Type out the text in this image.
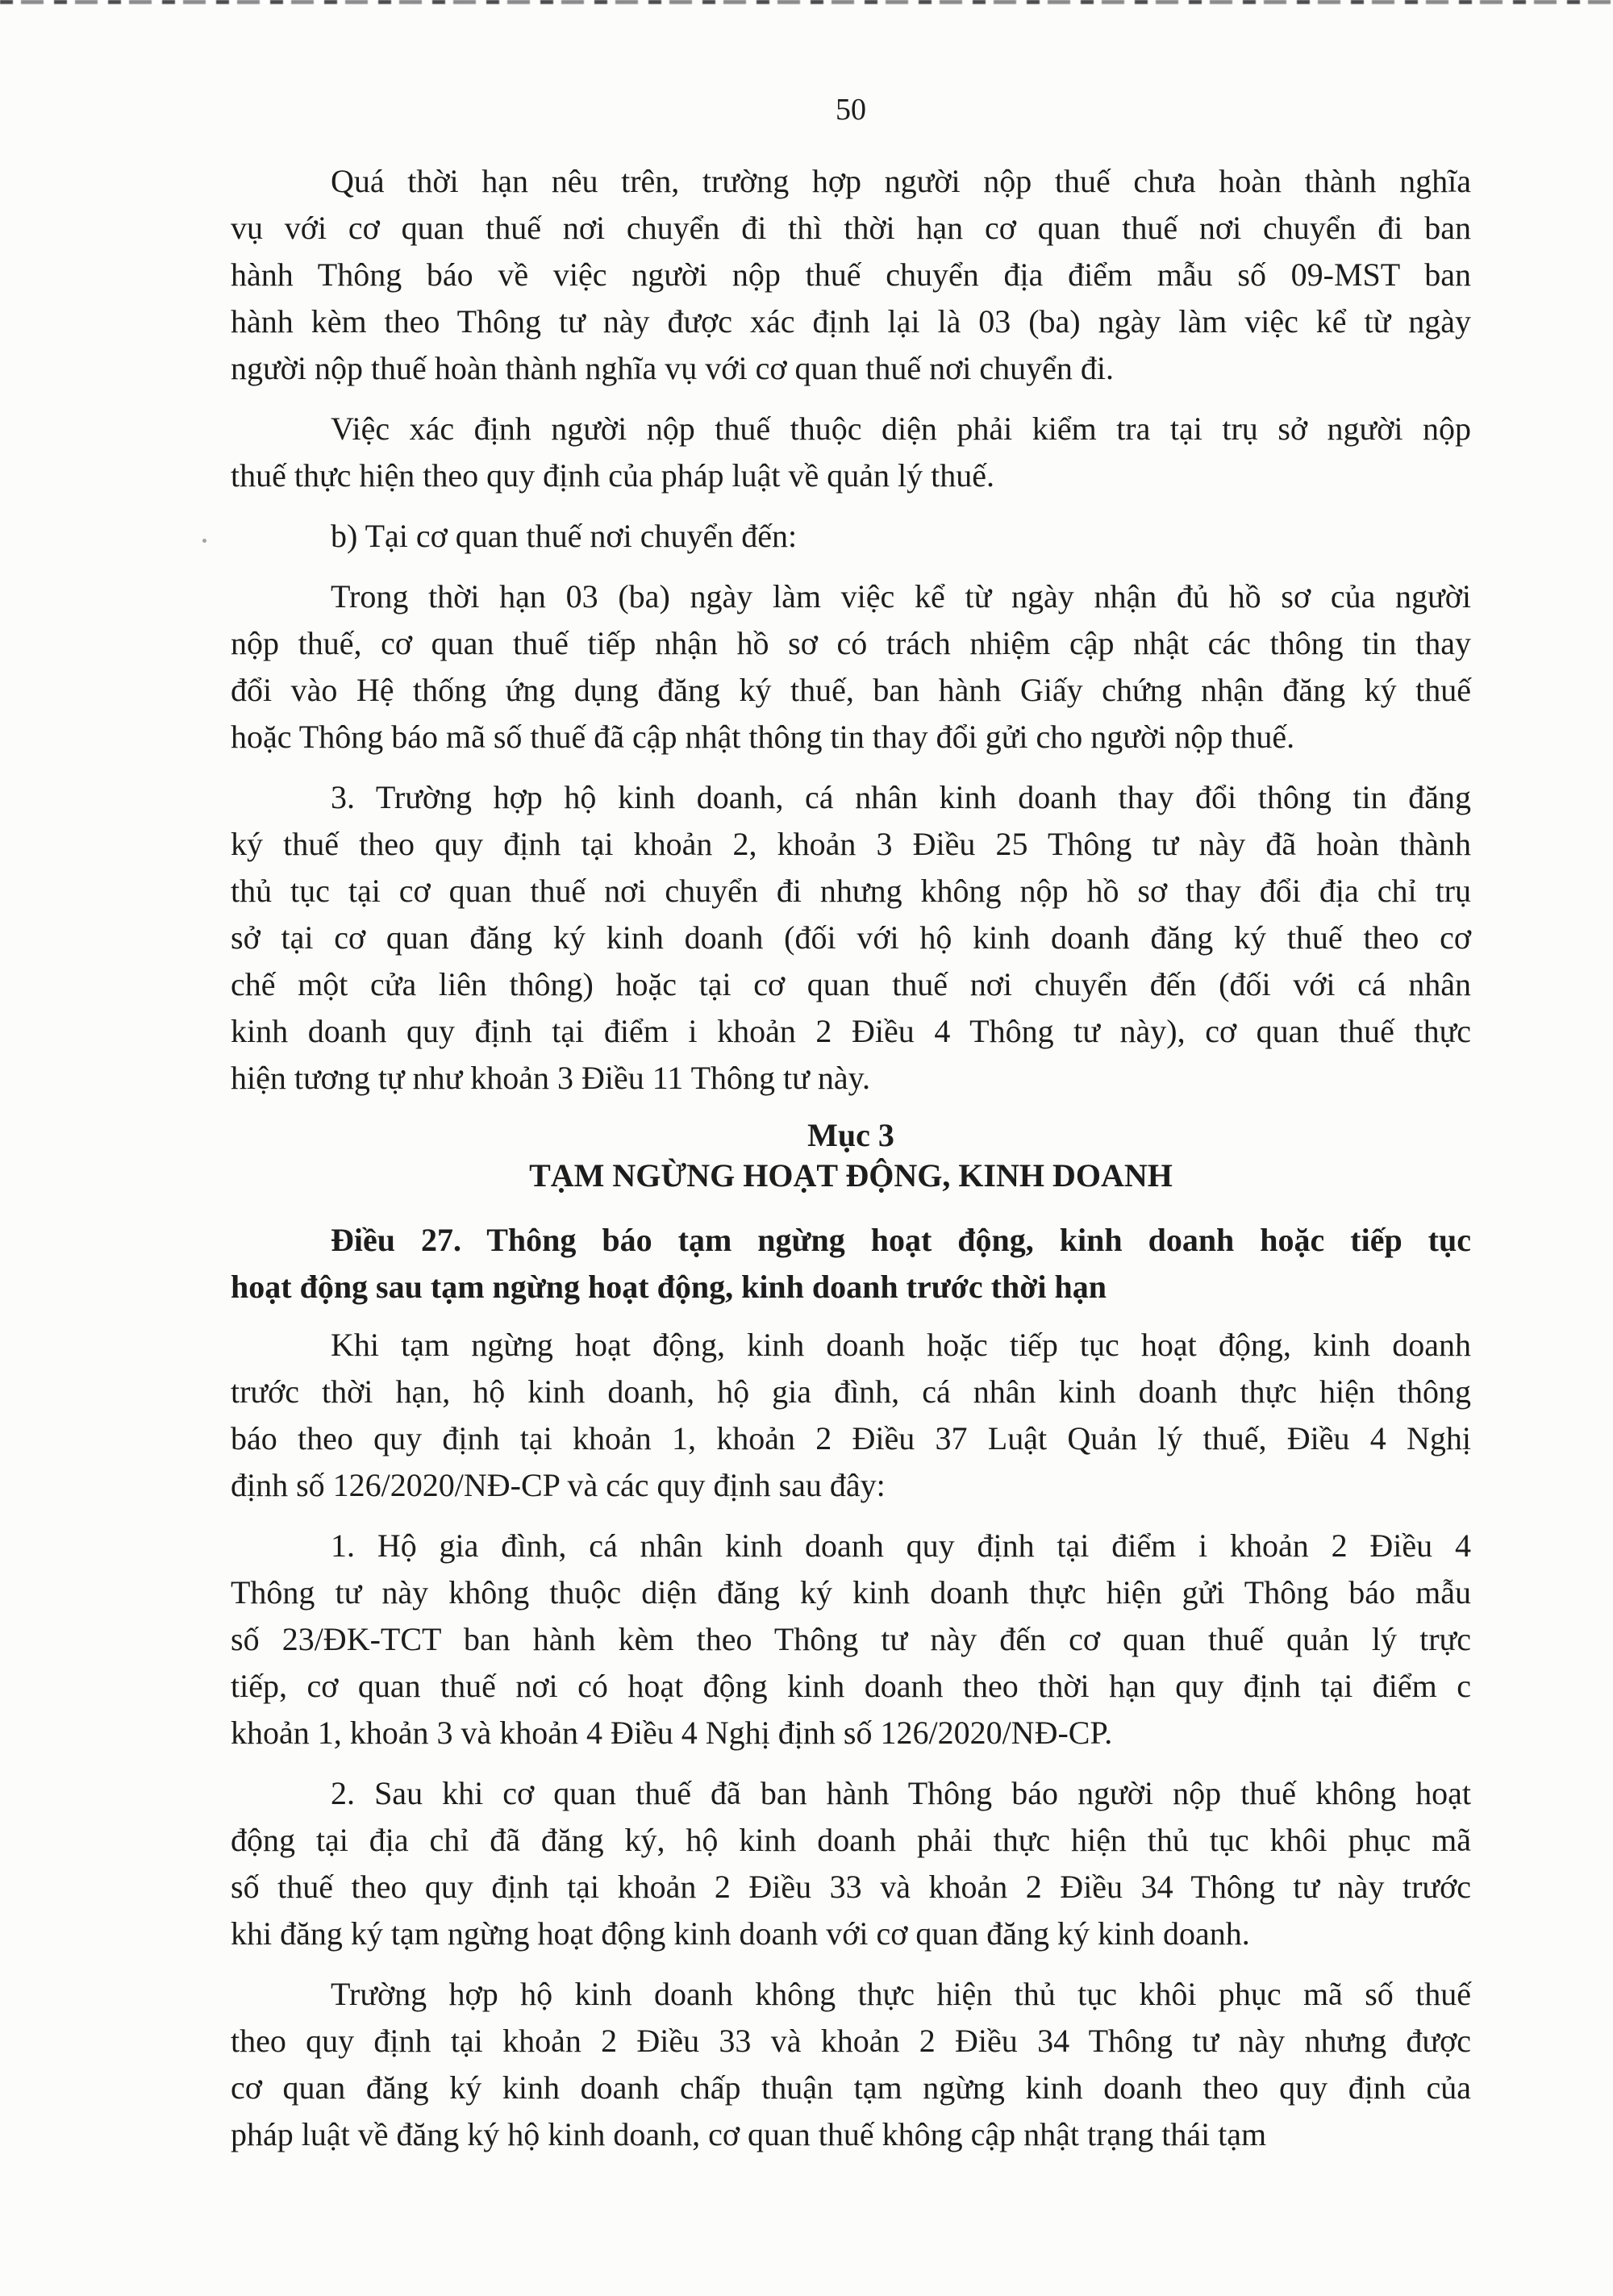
50
Quá thời hạn nêu trên, trường hợp người nộp thuế chưa hoàn thành nghĩa
vụ với cơ quan thuế nơi chuyển đi thì thời hạn cơ quan thuế nơi chuyển đi ban
hành Thông báo về việc người nộp thuế chuyển địa điểm mẫu số 09-MST ban
hành kèm theo Thông tư này được xác định lại là 03 (ba) ngày làm việc kể từ ngày
người nộp thuế hoàn thành nghĩa vụ với cơ quan thuế nơi chuyển đi.
Việc xác định người nộp thuế thuộc diện phải kiểm tra tại trụ sở người nộp
thuế thực hiện theo quy định của pháp luật về quản lý thuế.
b) Tại cơ quan thuế nơi chuyển đến:
Trong thời hạn 03 (ba) ngày làm việc kể từ ngày nhận đủ hồ sơ của người
nộp thuế, cơ quan thuế tiếp nhận hồ sơ có trách nhiệm cập nhật các thông tin thay
đổi vào Hệ thống ứng dụng đăng ký thuế, ban hành Giấy chứng nhận đăng ký thuế
hoặc Thông báo mã số thuế đã cập nhật thông tin thay đổi gửi cho người nộp thuế.
3. Trường hợp hộ kinh doanh, cá nhân kinh doanh thay đổi thông tin đăng
ký thuế theo quy định tại khoản 2, khoản 3 Điều 25 Thông tư này đã hoàn thành
thủ tục tại cơ quan thuế nơi chuyển đi nhưng không nộp hồ sơ thay đổi địa chỉ trụ
sở tại cơ quan đăng ký kinh doanh (đối với hộ kinh doanh đăng ký thuế theo cơ
chế một cửa liên thông) hoặc tại cơ quan thuế nơi chuyển đến (đối với cá nhân
kinh doanh quy định tại điểm i khoản 2 Điều 4 Thông tư này), cơ quan thuế thực
hiện tương tự như khoản 3 Điều 11 Thông tư này.
Mục 3
TẠM NGỪNG HOẠT ĐỘNG, KINH DOANH
Điều 27. Thông báo tạm ngừng hoạt động, kinh doanh hoặc tiếp tục
hoạt động sau tạm ngừng hoạt động, kinh doanh trước thời hạn
Khi tạm ngừng hoạt động, kinh doanh hoặc tiếp tục hoạt động, kinh doanh
trước thời hạn, hộ kinh doanh, hộ gia đình, cá nhân kinh doanh thực hiện thông
báo theo quy định tại khoản 1, khoản 2 Điều 37 Luật Quản lý thuế, Điều 4 Nghị
định số 126/2020/NĐ-CP và các quy định sau đây:
1. Hộ gia đình, cá nhân kinh doanh quy định tại điểm i khoản 2 Điều 4
Thông tư này không thuộc diện đăng ký kinh doanh thực hiện gửi Thông báo mẫu
số 23/ĐK-TCT ban hành kèm theo Thông tư này đến cơ quan thuế quản lý trực
tiếp, cơ quan thuế nơi có hoạt động kinh doanh theo thời hạn quy định tại điểm c
khoản 1, khoản 3 và khoản 4 Điều 4 Nghị định số 126/2020/NĐ-CP.
2. Sau khi cơ quan thuế đã ban hành Thông báo người nộp thuế không hoạt
động tại địa chỉ đã đăng ký, hộ kinh doanh phải thực hiện thủ tục khôi phục mã
số thuế theo quy định tại khoản 2 Điều 33 và khoản 2 Điều 34 Thông tư này trước
khi đăng ký tạm ngừng hoạt động kinh doanh với cơ quan đăng ký kinh doanh.
Trường hợp hộ kinh doanh không thực hiện thủ tục khôi phục mã số thuế
theo quy định tại khoản 2 Điều 33 và khoản 2 Điều 34 Thông tư này nhưng được
cơ quan đăng ký kinh doanh chấp thuận tạm ngừng kinh doanh theo quy định của
pháp luật về đăng ký hộ kinh doanh, cơ quan thuế không cập nhật trạng thái tạm
